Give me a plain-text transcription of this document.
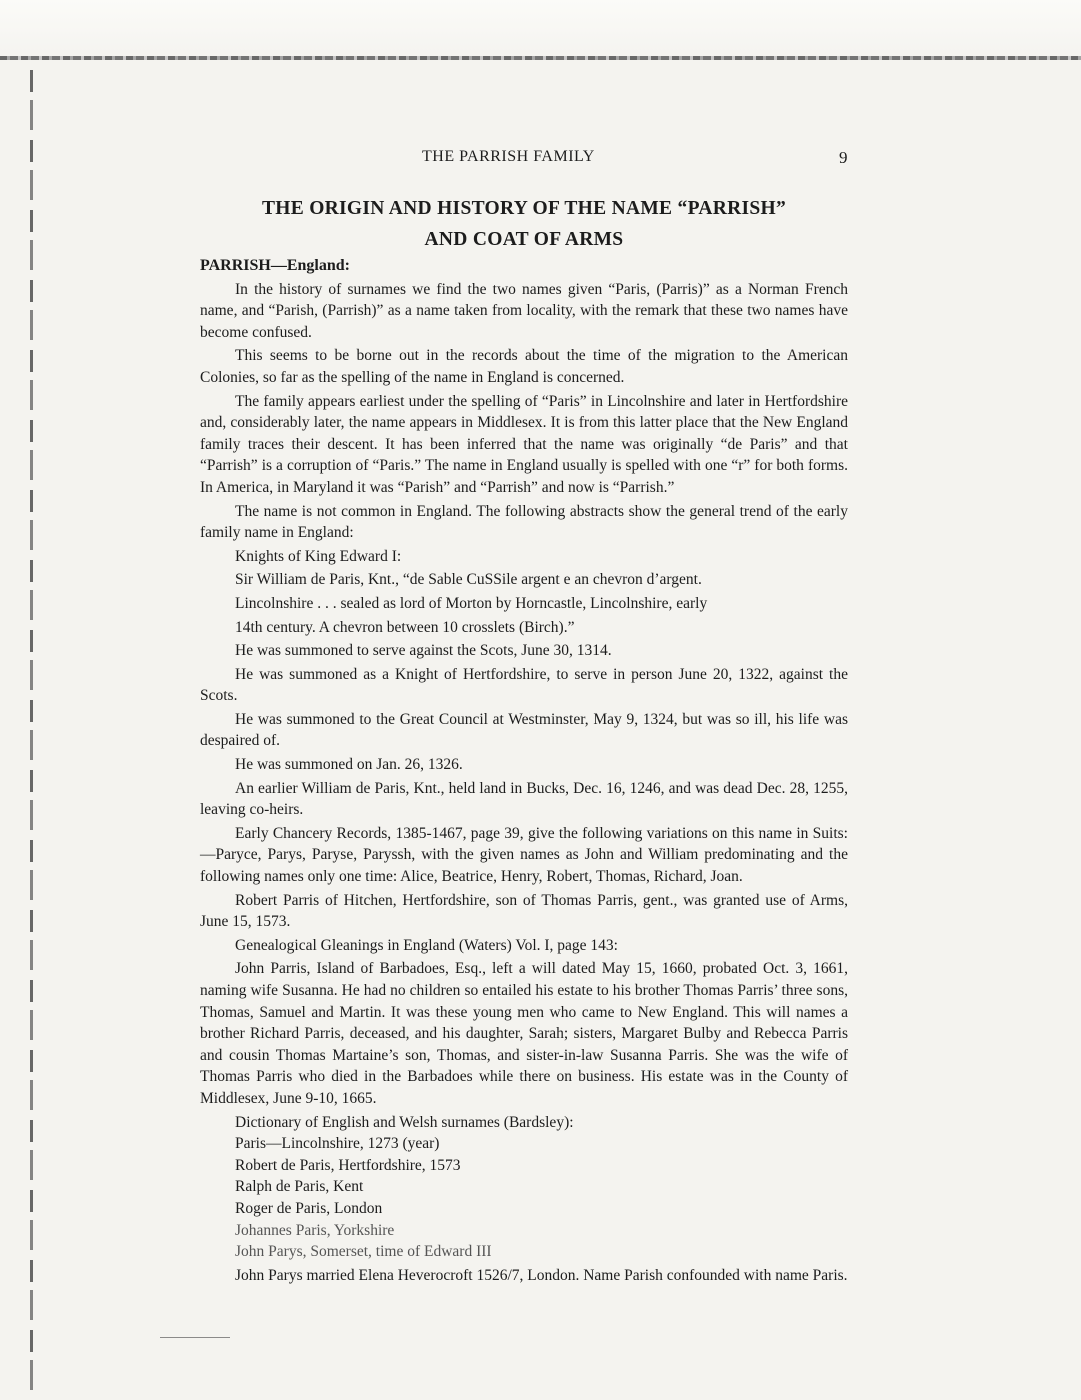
THE PARRISH FAMILY	9
THE ORIGIN AND HISTORY OF THE NAME “PARRISH”
AND COAT OF ARMS

PARRISH—England:

In the history of surnames we find the two names given “Paris, (Parris)” as a Norman French name, and “Parish, (Parrish)” as a name taken from locality, with the remark that these two names have become confused.

This seems to be borne out in the records about the time of the migration to the American Colonies, so far as the spelling of the name in England is concerned.

The family appears earliest under the spelling of “Paris” in Lincolnshire and later in Hertfordshire and, considerably later, the name appears in Middlesex. It is from this latter place that the New England family traces their descent. It has been inferred that the name was originally “de Paris” and that “Parrish” is a corruption of “Paris.” The name in England usually is spelled with one “r” for both forms. In America, in Maryland it was “Parish” and “Parrish” and now is “Parrish.”

The name is not common in England. The following abstracts show the general trend of the early family name in England:

Knights of King Edward I:

Sir William de Paris, Knt., “de Sable CuSSile argent e an chevron d’argent.

Lincolnshire . . . sealed as lord of Morton by Horncastle, Lincolnshire, early

14th century. A chevron between 10 crosslets (Birch).”

He was summoned to serve against the Scots, June 30, 1314.

He was summoned as a Knight of Hertfordshire, to serve in person June 20, 1322, against the Scots.

He was summoned to the Great Council at Westminster, May 9, 1324, but was so ill, his life was despaired of.

He was summoned on Jan. 26, 1326.

An earlier William de Paris, Knt., held land in Bucks, Dec. 16, 1246, and was dead Dec. 28, 1255, leaving co-heirs.

Early Chancery Records, 1385-1467, page 39, give the following variations on this name in Suits:—Paryce, Parys, Paryse, Paryssh, with the given names as John and William predominating and the following names only one time: Alice, Beatrice, Henry, Robert, Thomas, Richard, Joan.

Robert Parris of Hitchen, Hertfordshire, son of Thomas Parris, gent., was granted use of Arms, June 15, 1573.

Genealogical Gleanings in England (Waters) Vol. I, page 143:

John Parris, Island of Barbadoes, Esq., left a will dated May 15, 1660, probated Oct. 3, 1661, naming wife Susanna. He had no children so entailed his estate to his brother Thomas Parris’ three sons, Thomas, Samuel and Martin. It was these young men who came to New England. This will names a brother Richard Parris, deceased, and his daughter, Sarah; sisters, Margaret Bulby and Rebecca Parris and cousin Thomas Martaine’s son, Thomas, and sister-in-law Susanna Parris. She was the wife of Thomas Parris who died in the Barbadoes while there on business. His estate was in the County of Middlesex, June 9-10, 1665.

Dictionary of English and Welsh surnames (Bardsley):

Paris—Lincolnshire, 1273 (year)

Robert de Paris, Hertfordshire, 1573

Ralph de Paris, Kent

Roger de Paris, London

Johannes Paris, Yorkshire

John Parys, Somerset, time of Edward III

John Parys married Elena Heverocroft 1526/7, London. Name Parish confounded with name Paris.
